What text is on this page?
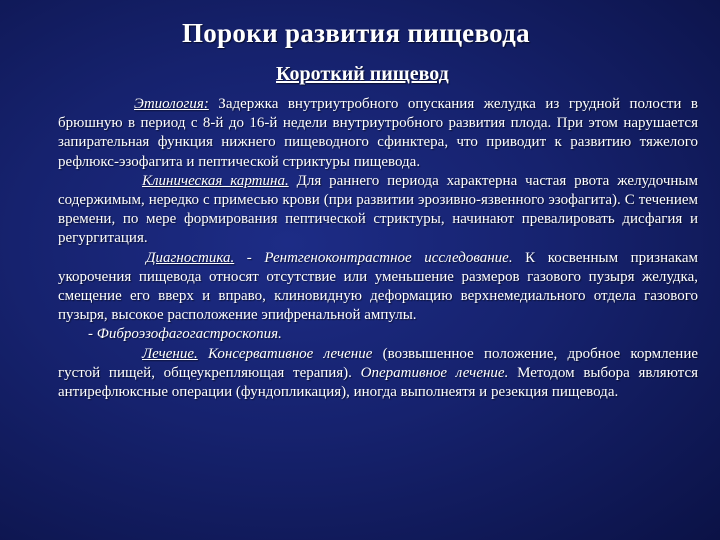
Пороки развития пищевода
Короткий пищевод

Этиология: Задержка внутриутробного опускания желудка из грудной полости в брюшную в период с 8-й до 16-й недели внутриутробного развития плода. При этом нарушается запирательная функция нижнего пищеводного сфинктера, что приводит к развитию тяжелого рефлюкс-эзофагита и пептической стриктуры пищевода.

Клиническая картина. Для раннего периода характерна частая рвота желудочным содержимым, нередко с примесью крови (при развитии эрозивно-язвенного эзофагита). С течением времени, по мере формирования пептической стриктуры, начинают превалировать дисфагия и регургитация.

Диагностика. - Рентгеноконтрастное исследование. К косвенным признакам укорочения пищевода относят отсутствие или уменьшение размеров газового пузыря желудка, смещение его вверх и вправо, клиновидную деформацию верхнемедиального отдела газового пузыря, высокое расположение эпифренальной ампулы.

- Фиброэзофагогастроскопия.

Лечение. Консервативное лечение (возвышенное положение, дробное кормление густой пищей, общеукрепляющая терапия). Оперативное лечение. Методом выбора являются антирефлюксные операции (фундопликация), иногда выполнеятя и резекция пищевода.
